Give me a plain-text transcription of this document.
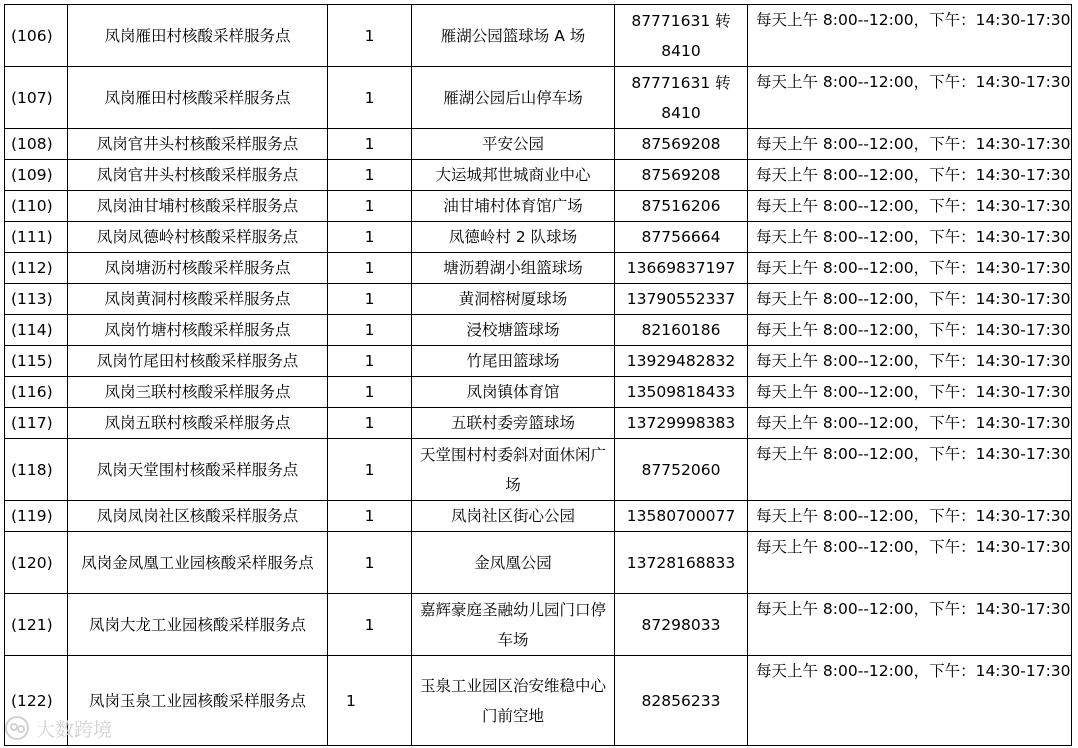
(106)	凤岗雁田村核酸采样服务点	1	雁湖公园篮球场 A 场	87771631 转 8410	每天上午 8:00--12:00，下午：14:30-17:30
(107)	凤岗雁田村核酸采样服务点	1	雁湖公园后山停车场	87771631 转 8410	每天上午 8:00--12:00，下午：14:30-17:30
(108)	凤岗官井头村核酸采样服务点	1	平安公园	87569208	每天上午 8:00--12:00，下午：14:30-17:30
(109)	凤岗官井头村核酸采样服务点	1	大运城邦世城商业中心	87569208	每天上午 8:00--12:00，下午：14:30-17:30
(110)	凤岗油甘埔村核酸采样服务点	1	油甘埔村体育馆广场	87516206	每天上午 8:00--12:00，下午：14:30-17:30
(111)	凤岗凤德岭村核酸采样服务点	1	凤德岭村 2 队球场	87756664	每天上午 8:00--12:00，下午：14:30-17:30
(112)	凤岗塘沥村核酸采样服务点	1	塘沥碧湖小组篮球场	13669837197	每天上午 8:00--12:00，下午：14:30-17:30
(113)	凤岗黄洞村核酸采样服务点	1	黄洞榕树厦球场	13790552337	每天上午 8:00--12:00，下午：14:30-17:30
(114)	凤岗竹塘村核酸采样服务点	1	浸校塘篮球场	82160186	每天上午 8:00--12:00，下午：14:30-17:30
(115)	凤岗竹尾田村核酸采样服务点	1	竹尾田篮球场	13929482832	每天上午 8:00--12:00，下午：14:30-17:30
(116)	凤岗三联村核酸采样服务点	1	凤岗镇体育馆	13509818433	每天上午 8:00--12:00，下午：14:30-17:30
(117)	凤岗五联村核酸采样服务点	1	五联村委旁篮球场	13729998383	每天上午 8:00--12:00，下午：14:30-17:30
(118)	凤岗天堂围村核酸采样服务点	1	天堂围村村委斜对面休闲广场	87752060	每天上午 8:00--12:00，下午：14:30-17:30
(119)	凤岗凤岗社区核酸采样服务点	1	凤岗社区街心公园	13580700077	每天上午 8:00--12:00，下午：14:30-17:30
(120)	凤岗金凤凰工业园核酸采样服务点	1	金凤凰公园	13728168833	每天上午 8:00--12:00，下午：14:30-17:30
(121)	凤岗大龙工业园核酸采样服务点	1	嘉辉豪庭圣融幼儿园门口停车场	87298033	每天上午 8:00--12:00，下午：14:30-17:30
(122)	凤岗玉泉工业园核酸采样服务点	1	玉泉工业园区治安维稳中心门前空地	82856233	每天上午 8:00--12:00，下午：14:30-17:30
大数跨境
